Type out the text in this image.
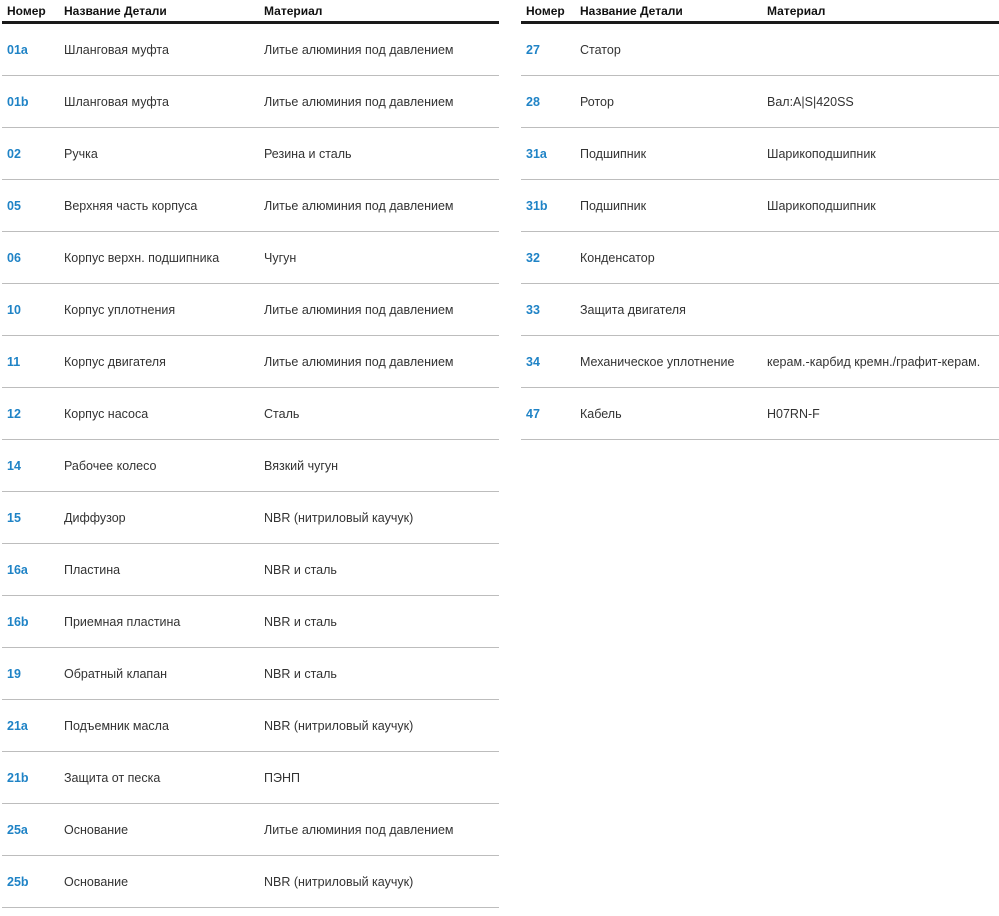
Номер	Название Детали	Материал
01a	Шланговая муфта	Литье алюминия под давлением
01b	Шланговая муфта	Литье алюминия под давлением
02	Ручка	Резина и сталь
05	Верхняя часть корпуса	Литье алюминия под давлением
06	Корпус верхн. подшипника	Чугун
10	Корпус уплотнения	Литье алюминия под давлением
11	Корпус двигателя	Литье алюминия под давлением
12	Корпус насоса	Сталь
14	Рабочее колесо	Вязкий чугун
15	Диффузор	NBR (нитриловый каучук)
16a	Пластина	NBR и сталь
16b	Приемная пластина	NBR и сталь
19	Обратный клапан	NBR и сталь
21a	Подъемник масла	NBR (нитриловый каучук)
21b	Защита от песка	ПЭНП
25a	Основание	Литье алюминия под давлением
25b	Основание	NBR (нитриловый каучук)
Номер	Название Детали	Материал
27	Статор	
28	Ротор	Вал:A|S|420SS
31a	Подшипник	Шарикоподшипник
31b	Подшипник	Шарикоподшипник
32	Конденсатор	
33	Защита двигателя	
34	Механическое уплотнение	керам.-карбид кремн./графит-керам.
47	Кабель	H07RN-F
